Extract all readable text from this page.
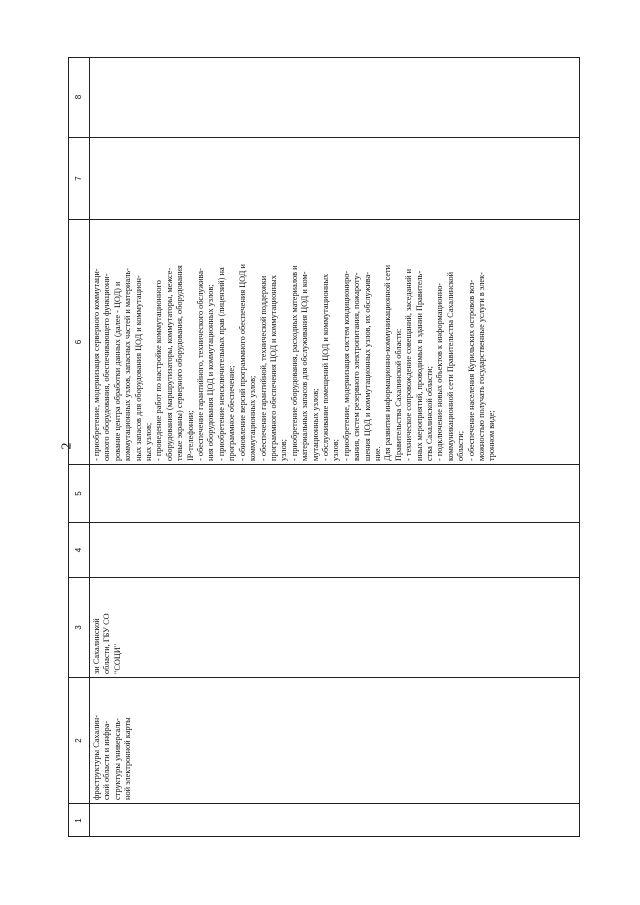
2
1
2
фраструктуры Сахалин-
ской области и инфра-
структуры универсаль-
ной электронной карты
3
зи Сахалинской
области, ГБУ СО
"СОЦИ"
4
5
6	- приобретение, модернизация серверного коммутаци- онного оборудования, обеспечивающего функциони- рование центра обработки данных (далее - ЦОД) и коммутационных узлов, запасных частей и материаль- ных запасов для оборудования ЦОД и коммутацион- ных узлов; - проведение работ по настройке коммутационного оборудования (маршрутизаторы, коммутаторы, межсе- тевые экраны) серверного оборудования, оборудования IP-телефонии; - обеспечение гарантийного, технического обслужива- ния оборудования ЦОД и коммутационных узлов; - приобретение неисключительных прав (лицензий) на программное обеспечение; - обновление версий программного обеспечения ЦОД и коммутационных узлов; - обеспечение гарантийной, технической поддержки программного обеспечения ЦОД и коммутационных узлов; - приобретение оборудования, расходных материалов и материальных запасов для обслуживания ЦОД и ком- мутационных узлов; - обслуживание помещений ЦОД и коммутационных узлов; - приобретение, модернизация систем кондициониро- вания, систем резервного электропитания, пожароту- шения ЦОД и коммутационных узлов, их обслужива- ние. Для развития информационно-коммуникационной сети Правительства Сахалинской области: - техническое сопровождение совещаний, заседаний и иных мероприятий, проводимых в здании Правитель- ства Сахалинской области; - подключение новых объектов к информационно- коммуникационной сети Правительства Сахалинской области; - обеспечение населения Курильских островов воз- можностью получать государственные услуги в элек- тронном виде;
7
8
